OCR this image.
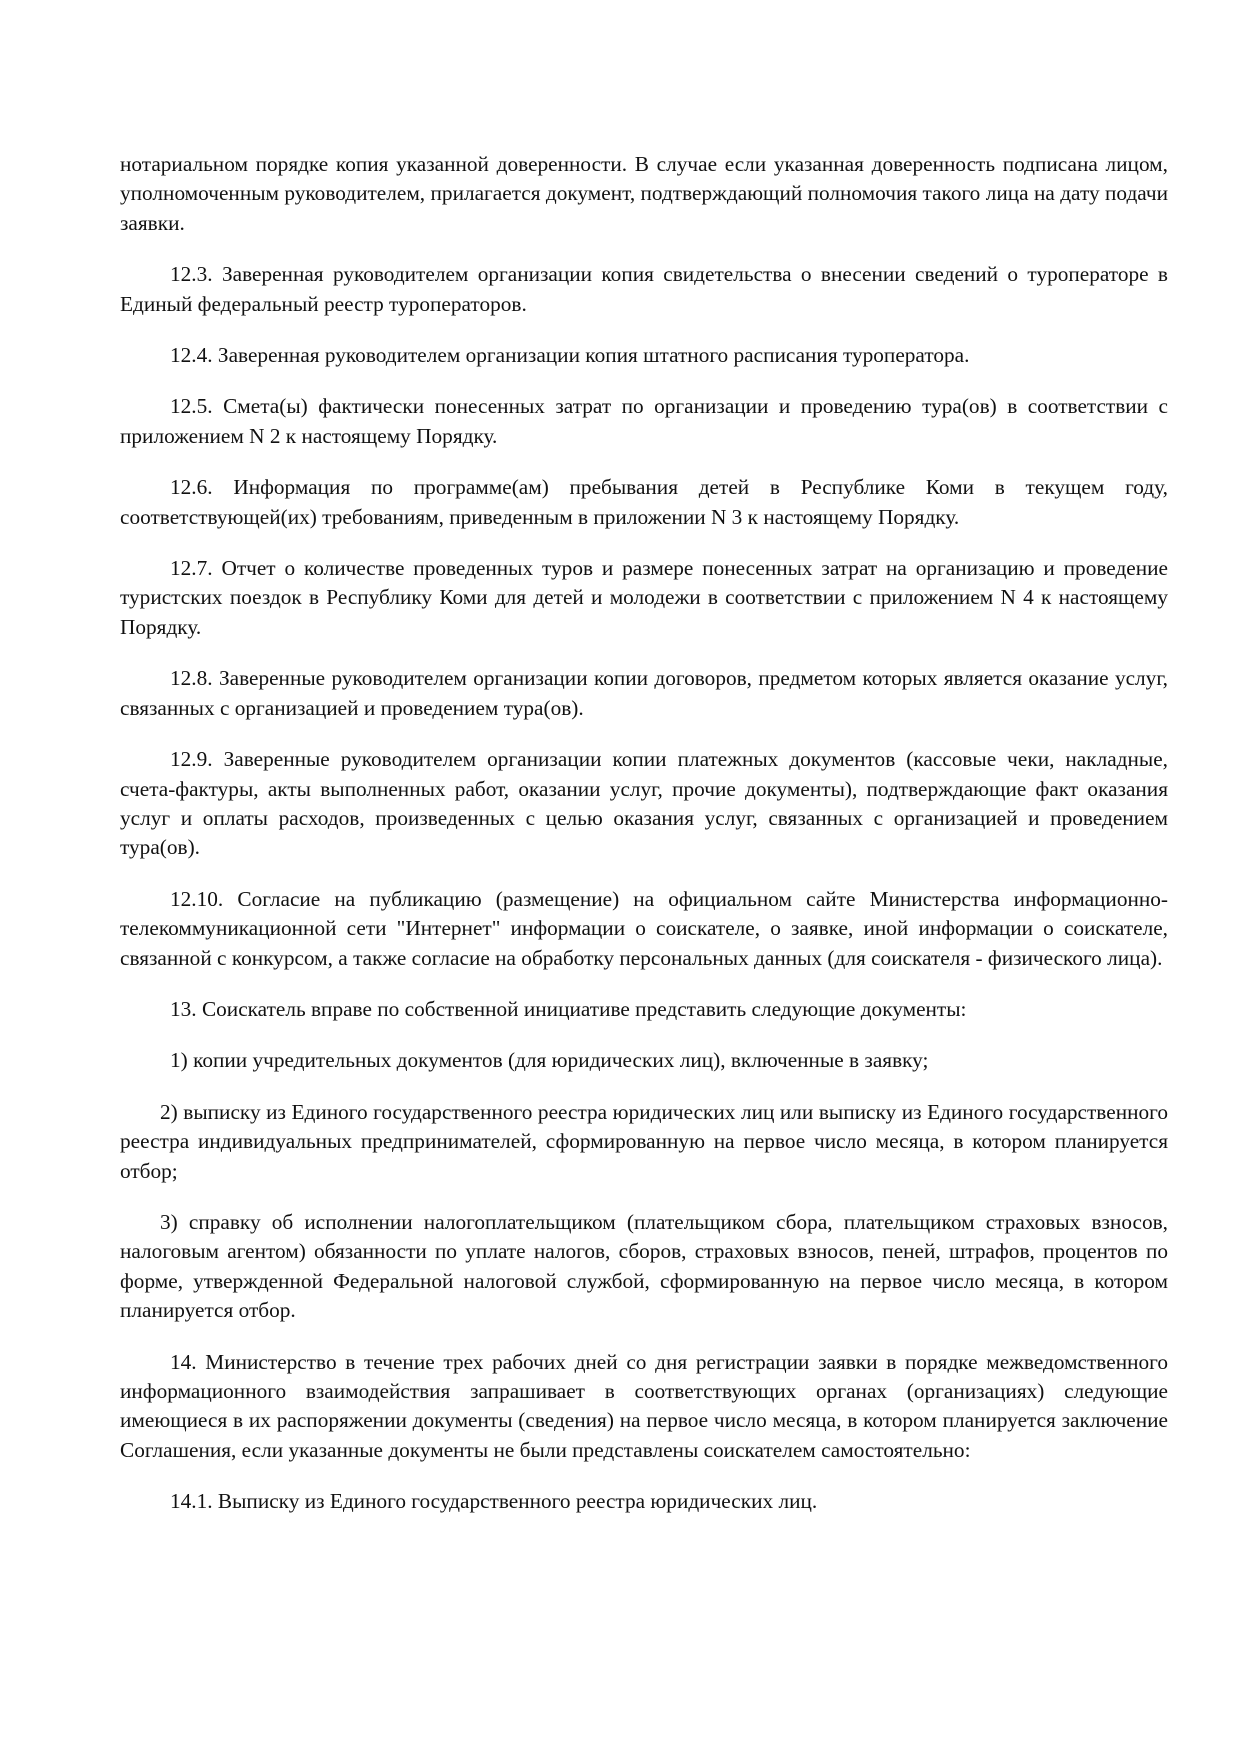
нотариальном порядке копия указанной доверенности. В случае если указанная доверенность подписана лицом, уполномоченным руководителем, прилагается документ, подтверждающий полномочия такого лица на дату подачи заявки.

12.3. Заверенная руководителем организации копия свидетельства о внесении сведений о туроператоре в Единый федеральный реестр туроператоров.

12.4. Заверенная руководителем организации копия штатного расписания туроператора.

12.5. Смета(ы) фактически понесенных затрат по организации и проведению тура(ов) в соответствии с приложением N 2 к настоящему Порядку.

12.6. Информация по программе(ам) пребывания детей в Республике Коми в текущем году, соответствующей(их) требованиям, приведенным в приложении N 3 к настоящему Порядку.

12.7. Отчет о количестве проведенных туров и размере понесенных затрат на организацию и проведение туристских поездок в Республику Коми для детей и молодежи в соответствии с приложением N 4 к настоящему Порядку.

12.8. Заверенные руководителем организации копии договоров, предметом которых является оказание услуг, связанных с организацией и проведением тура(ов).

12.9. Заверенные руководителем организации копии платежных документов (кассовые чеки, накладные, счета-фактуры, акты выполненных работ, оказании услуг, прочие документы), подтверждающие факт оказания услуг и оплаты расходов, произведенных с целью оказания услуг, связанных с организацией и проведением тура(ов).

12.10. Согласие на публикацию (размещение) на официальном сайте Министерства информационно-телекоммуникационной сети "Интернет" информации о соискателе, о заявке, иной информации о соискателе, связанной с конкурсом, а также согласие на обработку персональных данных (для соискателя - физического лица).

13. Соискатель вправе по собственной инициативе представить следующие документы:

1) копии учредительных документов (для юридических лиц), включенные в заявку;

2) выписку из Единого государственного реестра юридических лиц или выписку из Единого государственного реестра индивидуальных предпринимателей, сформированную на первое число месяца, в котором планируется отбор;

3) справку об исполнении налогоплательщиком (плательщиком сбора, плательщиком страховых взносов, налоговым агентом) обязанности по уплате налогов, сборов, страховых взносов, пеней, штрафов, процентов по форме, утвержденной Федеральной налоговой службой, сформированную на первое число месяца, в котором планируется отбор.

14. Министерство в течение трех рабочих дней со дня регистрации заявки в порядке межведомственного информационного взаимодействия запрашивает в соответствующих органах (организациях) следующие имеющиеся в их распоряжении документы (сведения) на первое число месяца, в котором планируется заключение Соглашения, если указанные документы не были представлены соискателем самостоятельно:

14.1. Выписку из Единого государственного реестра юридических лиц.
